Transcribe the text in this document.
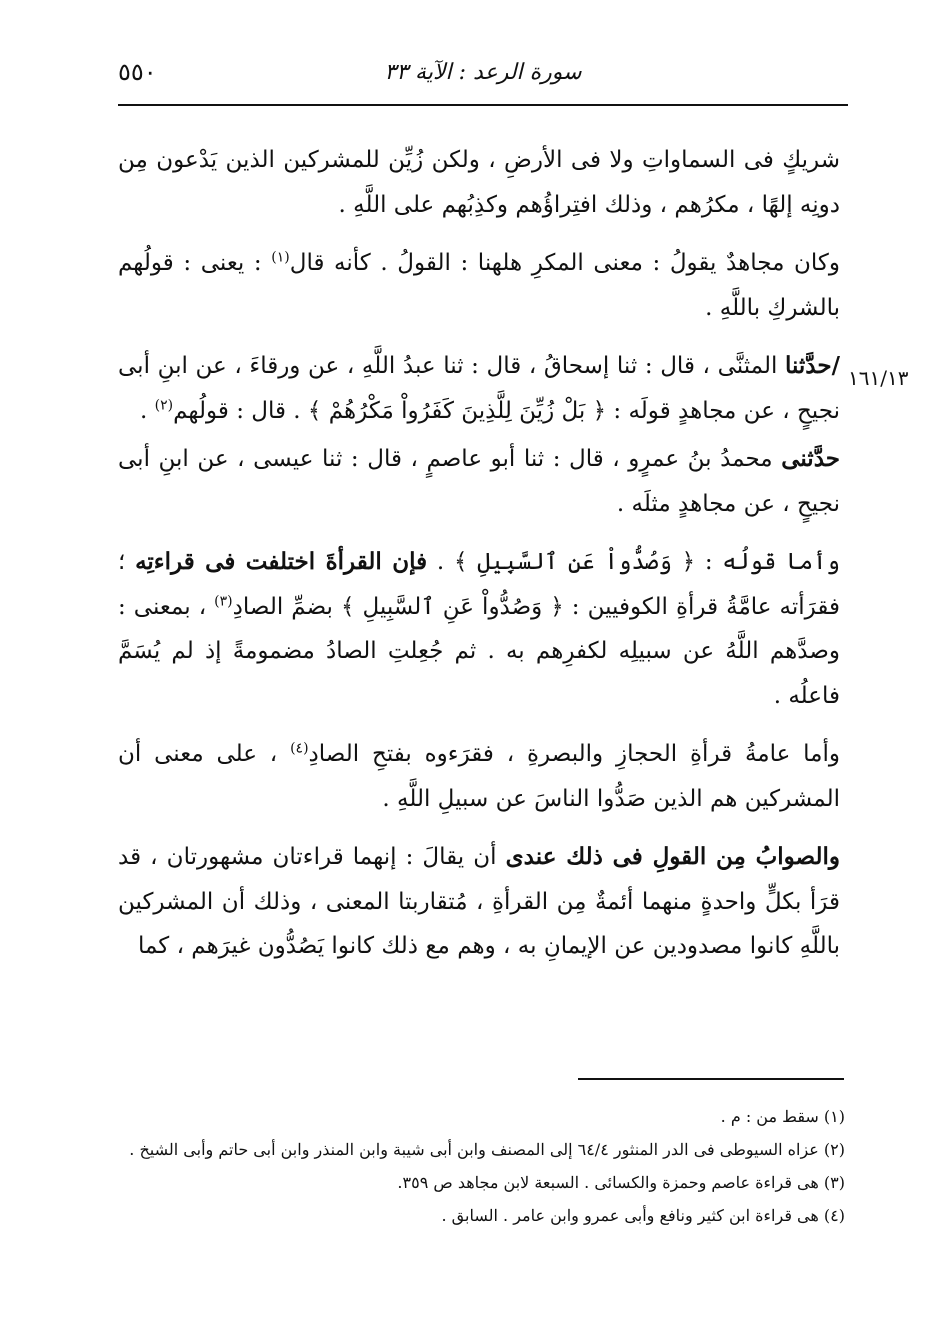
٥٥٠	سورة الرعد : الآية ٣٣
١٦١/١٣

شريكٍ فى السماواتِ ولا فى الأرضِ ، ولكن زُيِّن للمشركين الذين يَدْعون مِن دونِه إلهًا ، مكرُهم ، وذلك افتِراؤُهم وكذِبُهم على اللَّهِ .

وكان مجاهدٌ يقولُ : معنى المكرِ هلهنا : القولُ . كأنه قال$^{(١)}$ : يعنى : قولُهم بالشركِ باللَّهِ .

/حدَّثنا المثنَّى ، قال : ثنا إسحاقُ ، قال : ثنا عبدُ اللَّهِ ، عن ورقاءَ ، عن ابنِ أبى نجيحٍ ، عن مجاهدٍ قولَه : ﴿ بَلْ زُيِّنَ لِلَّذِينَ كَفَرُواْ مَكْرُهُمْ ﴾ . قال : قولُهم$^{(٢)}$ .

حدَّثنى محمدُ بنُ عمرٍو ، قال : ثنا أبو عاصمٍ ، قال : ثنا عيسى ، عن ابنِ أبى نجيحٍ ، عن مجاهدٍ مثلَه .

وأما قولُه : ﴿ وَصُدُّواْ عَنِ ٱلسَّبِيلِ ﴾ . فإن القرأةَ اختلفت فى قراءتِه ؛ فقرَأته عامَّةُ قرأةِ الكوفيين : ﴿ وَصُدُّواْ عَنِ ٱلسَّبِيلِ ﴾ بضمِّ الصادِ$^{(٣)}$ ، بمعنى : وصدَّهم اللَّهُ عن سبيلِه لكفرِهم به . ثم جُعِلتِ الصادُ مضمومةً إذ لم يُسَمَّ فاعلُه .

وأما عامةُ قرأةِ الحجازِ والبصرةِ ، فقرَءوه بفتحِ الصادِ$^{(٤)}$ ، على معنى أن المشركين هم الذين صَدُّوا الناسَ عن سبيلِ اللَّهِ .

والصوابُ مِن القولِ فى ذلك عندى أن يقالَ : إنهما قراءتان مشهورتان ، قد قرَأ بكلٍّ واحدةٍ منهما أئمةٌ مِن القرأةِ ، مُتقاربتا المعنى ، وذلك أن المشركين باللَّهِ كانوا مصدودين عن الإيمانِ به ، وهم مع ذلك كانوا يَصُدُّون غيرَهم ، كما

(١) سقط من : م .
(٢) عزاه السيوطى فى الدر المنثور ٦٤/٤ إلى المصنف وابن أبى شيبة وابن المنذر وابن أبى حاتم وأبى الشيخ .
(٣) هى قراءة عاصم وحمزة والكسائى . السبعة لابن مجاهد ص ٣٥٩.
(٤) هى قراءة ابن كثير ونافع وأبى عمرو وابن عامر . السابق .
